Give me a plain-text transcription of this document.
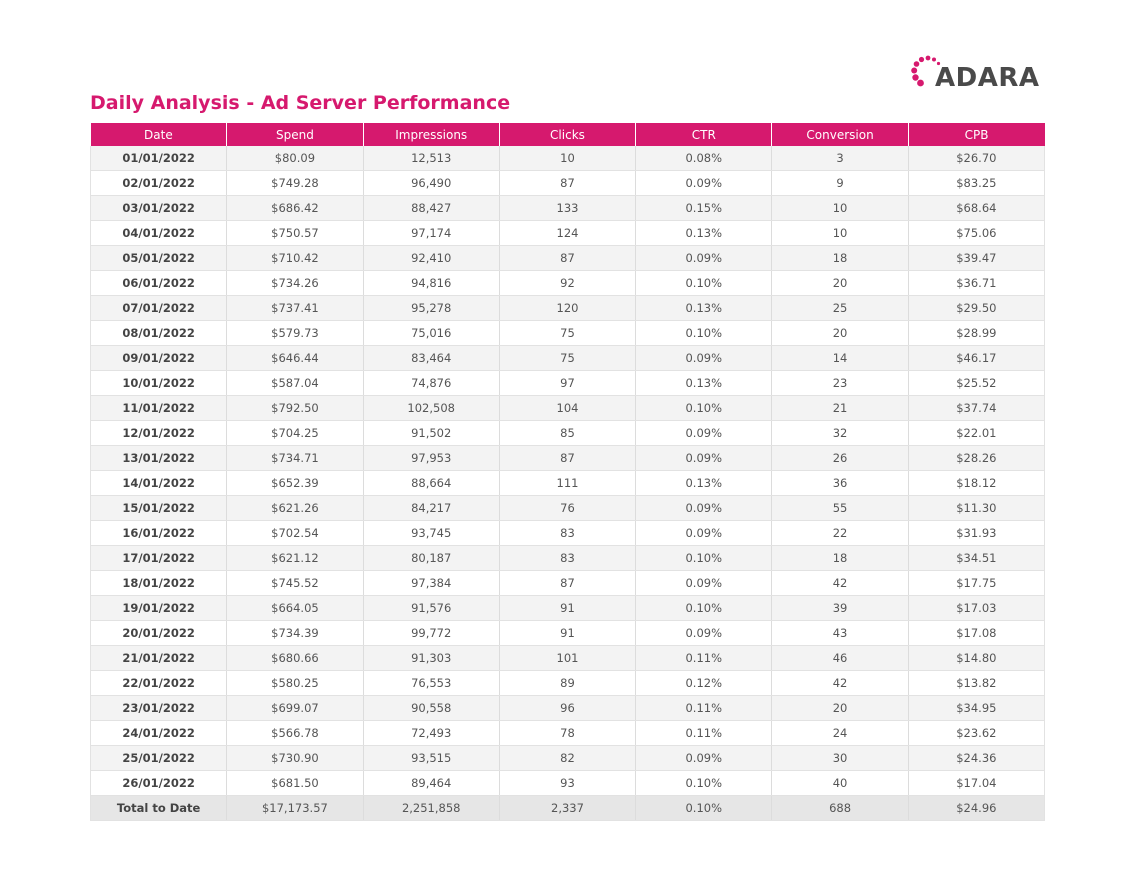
ADARA
Daily Analysis - Ad Server Performance
Date	Spend	Impressions	Clicks	CTR	Conversion	CPB
01/01/2022	$80.09	12,513	10	0.08%	3	$26.70
02/01/2022	$749.28	96,490	87	0.09%	9	$83.25
03/01/2022	$686.42	88,427	133	0.15%	10	$68.64
04/01/2022	$750.57	97,174	124	0.13%	10	$75.06
05/01/2022	$710.42	92,410	87	0.09%	18	$39.47
06/01/2022	$734.26	94,816	92	0.10%	20	$36.71
07/01/2022	$737.41	95,278	120	0.13%	25	$29.50
08/01/2022	$579.73	75,016	75	0.10%	20	$28.99
09/01/2022	$646.44	83,464	75	0.09%	14	$46.17
10/01/2022	$587.04	74,876	97	0.13%	23	$25.52
11/01/2022	$792.50	102,508	104	0.10%	21	$37.74
12/01/2022	$704.25	91,502	85	0.09%	32	$22.01
13/01/2022	$734.71	97,953	87	0.09%	26	$28.26
14/01/2022	$652.39	88,664	111	0.13%	36	$18.12
15/01/2022	$621.26	84,217	76	0.09%	55	$11.30
16/01/2022	$702.54	93,745	83	0.09%	22	$31.93
17/01/2022	$621.12	80,187	83	0.10%	18	$34.51
18/01/2022	$745.52	97,384	87	0.09%	42	$17.75
19/01/2022	$664.05	91,576	91	0.10%	39	$17.03
20/01/2022	$734.39	99,772	91	0.09%	43	$17.08
21/01/2022	$680.66	91,303	101	0.11%	46	$14.80
22/01/2022	$580.25	76,553	89	0.12%	42	$13.82
23/01/2022	$699.07	90,558	96	0.11%	20	$34.95
24/01/2022	$566.78	72,493	78	0.11%	24	$23.62
25/01/2022	$730.90	93,515	82	0.09%	30	$24.36
26/01/2022	$681.50	89,464	93	0.10%	40	$17.04
Total to Date	$17,173.57	2,251,858	2,337	0.10%	688	$24.96
